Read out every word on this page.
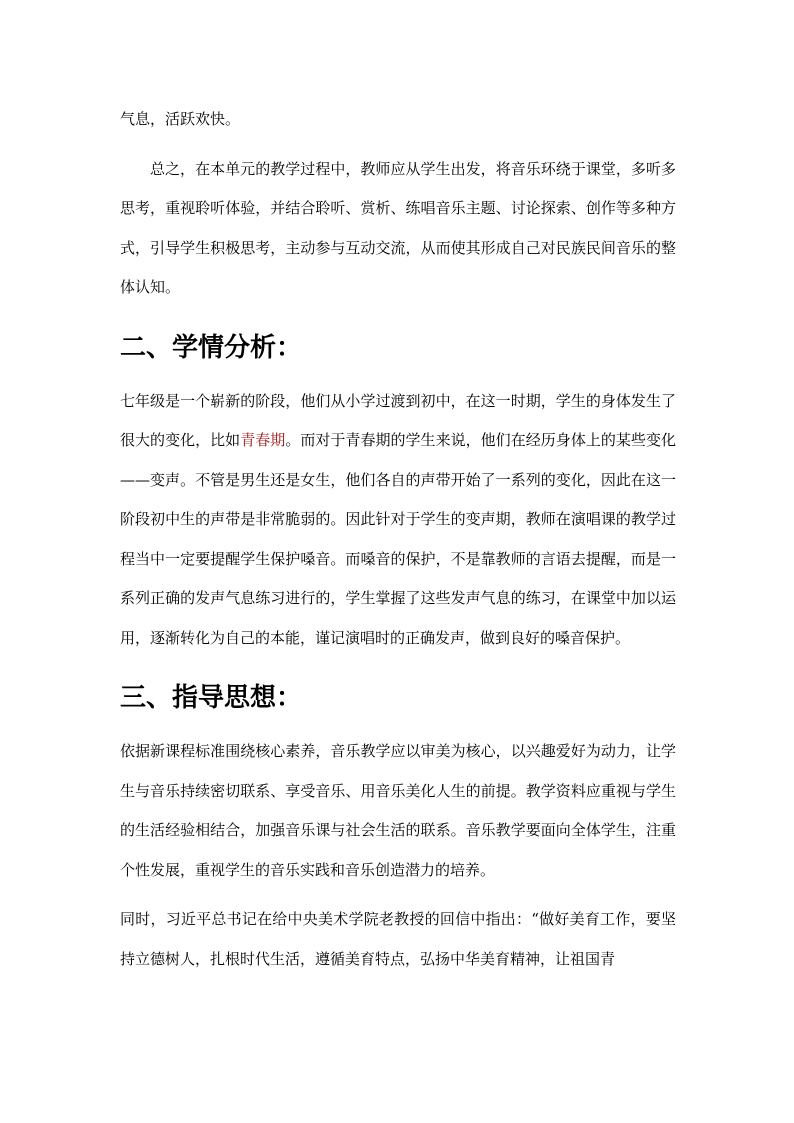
气息，活跃欢快。

总之，在本单元的教学过程中，教师应从学生出发，将音乐环绕于课堂，多听多思考，重视聆听体验，并结合聆听、赏析、练唱音乐主题、讨论探索、创作等多种方式，引导学生积极思考，主动参与互动交流，从而使其形成自己对民族民间音乐的整体认知。

二、学情分析：

七年级是一个崭新的阶段，他们从小学过渡到初中，在这一时期，学生的身体发生了很大的变化，比如青春期。而对于青春期的学生来说，他们在经历身体上的某些变化——变声。不管是男生还是女生，他们各自的声带开始了一系列的变化，因此在这一阶段初中生的声带是非常脆弱的。因此针对于学生的变声期，教师在演唱课的教学过程当中一定要提醒学生保护嗓音。而嗓音的保护，不是靠教师的言语去提醒，而是一系列正确的发声气息练习进行的，学生掌握了这些发声气息的练习，在课堂中加以运用，逐渐转化为自己的本能，谨记演唱时的正确发声，做到良好的嗓音保护。

三、指导思想：

依据新课程标准围绕核心素养，音乐教学应以审美为核心，以兴趣爱好为动力，让学生与音乐持续密切联系、享受音乐、用音乐美化人生的前提。教学资料应重视与学生的生活经验相结合，加强音乐课与社会生活的联系。音乐教学要面向全体学生，注重个性发展，重视学生的音乐实践和音乐创造潜力的培养。

同时，习近平总书记在给中央美术学院老教授的回信中指出：“做好美育工作，要坚持立德树人，扎根时代生活，遵循美育特点，弘扬中华美育精神，让祖国青
